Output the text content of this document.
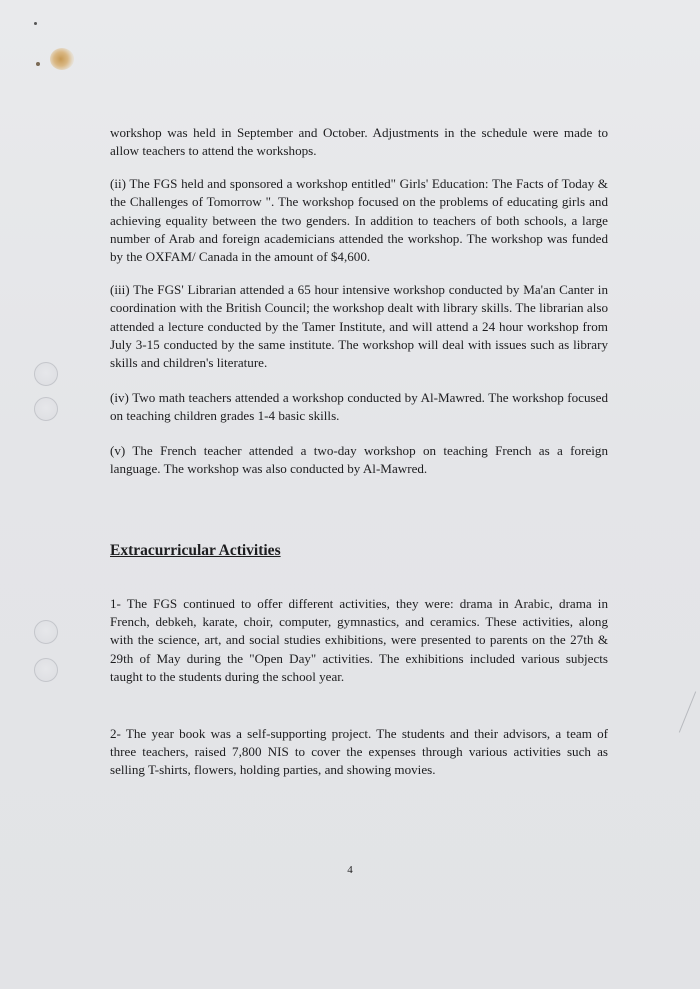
workshop was held in September and October. Adjustments in the schedule were made to allow teachers to attend the workshops.

(ii) The FGS held and sponsored a workshop entitled" Girls' Education: The Facts of Today & the Challenges of Tomorrow ". The workshop focused on the problems of educating girls and achieving equality between the two genders. In addition to teachers of both schools, a large number of Arab and foreign academicians attended the workshop. The workshop was funded by the OXFAM/ Canada in the amount of $4,600.

(iii) The FGS' Librarian attended a 65 hour intensive workshop conducted by Ma'an Canter in coordination with the British Council; the workshop dealt with library skills. The librarian also attended a lecture conducted by the Tamer Institute, and will attend a 24 hour workshop from July 3-15 conducted by the same institute. The workshop will deal with issues such as library skills and children's literature.

(iv) Two math teachers attended a workshop conducted by Al-Mawred. The workshop focused on teaching children grades 1-4 basic skills.

(v) The French teacher attended a two-day workshop on teaching French as a foreign language. The workshop was also conducted by Al-Mawred.

Extracurricular Activities

1- The FGS continued to offer different activities, they were: drama in Arabic, drama in French, debkeh, karate, choir, computer, gymnastics, and ceramics. These activities, along with the science, art, and social studies exhibitions, were presented to parents on the 27th & 29th of May during the "Open Day" activities. The exhibitions included various subjects taught to the students during the school year.

2- The year book was a self-supporting project. The students and their advisors, a team of three teachers, raised 7,800 NIS to cover the expenses through various activities such as selling T-shirts, flowers, holding parties, and showing movies.

4
